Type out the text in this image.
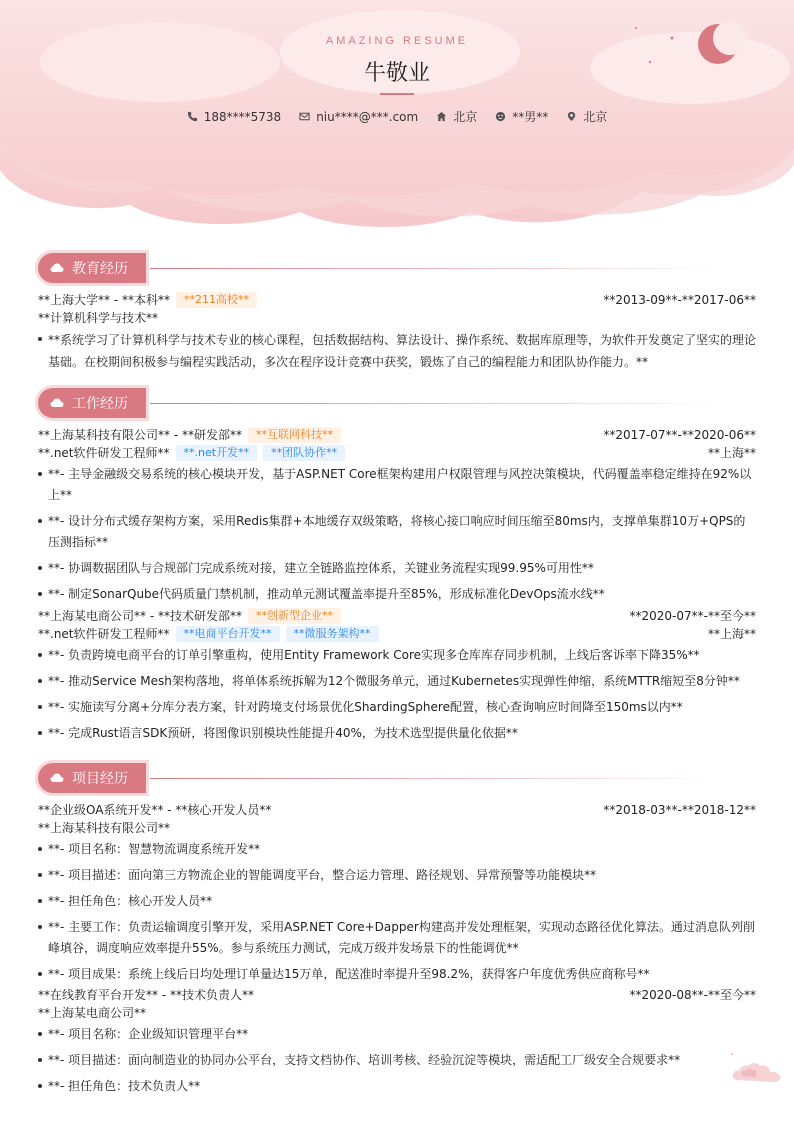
AMAZING RESUME
牛敬业
188****5738	niu****@***.com	北京	**男**	北京
教育经历
**上海大学** - **本科**	**211高校**	**2013-09**-**2017-06**
**计算机科学与技术**
**系统学习了计算机科学与技术专业的核心课程，包括数据结构、算法设计、操作系统、数据库原理等，为软件开发奠定了坚实的理论基础。在校期间积极参与编程实践活动，多次在程序设计竞赛中获奖，锻炼了自己的编程能力和团队协作能力。**
工作经历
**上海某科技有限公司** - **研发部**	**互联网科技**	**2017-07**-**2020-06**
**.net软件研发工程师**	**.net开发**	**团队协作**	**上海**
**- 主导金融级交易系统的核心模块开发，基于ASP.NET Core框架构建用户权限管理与风控决策模块，代码覆盖率稳定维持在92%以上**
**- 设计分布式缓存架构方案，采用Redis集群+本地缓存双级策略，将核心接口响应时间压缩至80ms内，支撑单集群10万+QPS的压测指标**
**- 协调数据团队与合规部门完成系统对接，建立全链路监控体系，关键业务流程实现99.95%可用性**
**- 制定SonarQube代码质量门禁机制，推动单元测试覆盖率提升至85%，形成标准化DevOps流水线**
**上海某电商公司** - **技术研发部**	**创新型企业**	**2020-07**-**至今**
**.net软件研发工程师**	**电商平台开发**	**微服务架构**	**上海**
**- 负责跨境电商平台的订单引擎重构，使用Entity Framework Core实现多仓库库存同步机制，上线后客诉率下降35%**
**- 推动Service Mesh架构落地，将单体系统拆解为12个微服务单元，通过Kubernetes实现弹性伸缩，系统MTTR缩短至8分钟**
**- 实施读写分离+分库分表方案，针对跨境支付场景优化ShardingSphere配置，核心查询响应时间降至150ms以内**
**- 完成Rust语言SDK预研，将图像识别模块性能提升40%，为技术选型提供量化依据**
项目经历
**企业级OA系统开发** - **核心开发人员**	**2018-03**-**2018-12**
**上海某科技有限公司**
**- 项目名称：智慧物流调度系统开发**
**- 项目描述：面向第三方物流企业的智能调度平台，整合运力管理、路径规划、异常预警等功能模块**
**- 担任角色：核心开发人员**
**- 主要工作：负责运输调度引擎开发，采用ASP.NET Core+Dapper构建高并发处理框架，实现动态路径优化算法。通过消息队列削峰填谷，调度响应效率提升55%。参与系统压力测试，完成万级并发场景下的性能调优**
**- 项目成果：系统上线后日均处理订单量达15万单，配送准时率提升至98.2%，获得客户年度优秀供应商称号**
**在线教育平台开发** - **技术负责人**	**2020-08**-**至今**
**上海某电商公司**
**- 项目名称：企业级知识管理平台**
**- 项目描述：面向制造业的协同办公平台，支持文档协作、培训考核、经验沉淀等模块，需适配工厂级安全合规要求**
**- 担任角色：技术负责人**
